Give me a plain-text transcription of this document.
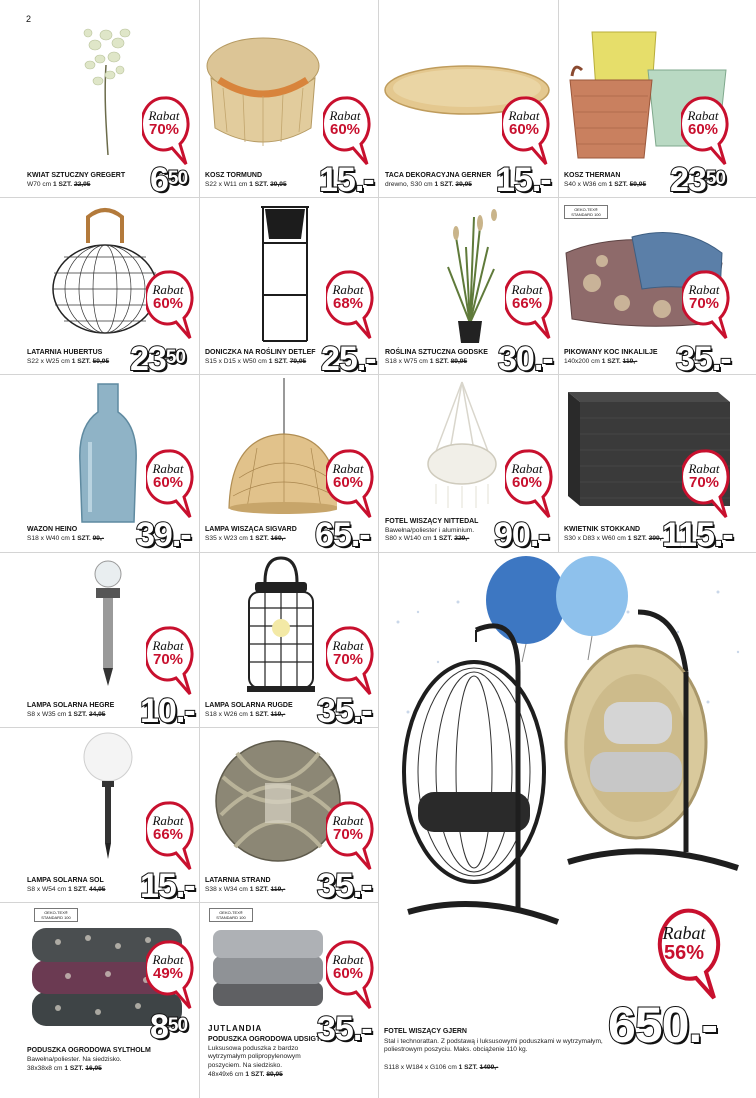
2
KWIAT SZTUCZNY GREGERT
W70 cm 1 SZT. 22,95 $6^{50}$	KOSZ TORMUND
S22 x W11 cm 1 SZT. 39,95 15.- TACA DEKORACYJNA GERNER
drewno, S30 cm 1 SZT. 39,95 15.- KOSZ THERMAN
S40 x W36 cm 1 SZT. 59,95 $23^{50}$
LATARNIA HUBERTUS
S22 x W25 cm 1 SZT. 59,95 $23^{50}$	DONICZKA NA ROŚLINY DETLEF
S15 x D15 x W50 cm 1 SZT. 79,95 25.- ROŚLINA SZTUCZNA GODSKE
S18 x W75 cm 1 SZT. 89,95 30.-
OEKO-TEX® STANDARD 100
PIKOWANY KOC INKALILJE
140x200 cm 1 SZT. 119,- 35.-
WAZON HEINO
S18 x W40 cm 1 SZT. 99,- 39.- LAMPA WISZĄCA SIGVARD
S35 x W23 cm 1 SZT. 169,- 65.- FOTEL WISZĄCY NITTEDAL
Bawełna/poliester i aluminium.
S80 x W140 cm 1 SZT. 229,- 90.- KWIETNIK STOKKAND
S30 x D83 x W60 cm 1 SZT. 399,-
115.-
LAMPA SOLARNA HEGRE
S8 x W35 cm 1 SZT. 34,95 10.- LAMPA SOLARNA RUGDE
S18 x W26 cm 1 SZT. 119,- 35.-
LAMPA SOLARNA SOL
S8 x W54 cm 1 SZT. 44,95 15.- LATARNIA STRAND
S38 x W34 cm 1 SZT. 119,- 35.-
OEKO-TEX® STANDARD 100
PODUSZKA OGRODOWA SYLTHOLM
Bawełna/poliester. Na siedzisko.
38x38x8 cm 1 SZT. 16,95
$8^{50}$
OEKO-TEX® STANDARD 100
JUTLANDIA
PODUSZKA OGRODOWA UDSIGTEN
Luksusowa poduszka z bardzo wytrzymałym polipropylenowym poszyciem. Na siedzisko.
48x49x6 cm 1 SZT. 89,95
35.- FOTEL WISZĄCY GJERN
Stal i technorattan. Z podstawą i luksusowymi poduszkami w wytrzymałym, poliestrowym poszyciu. Maks. obciążenie 110 kg.
S118 x W184 x G106 cm 1 SZT. 1499,-
650.-
Rabat
70%
Rabat
60%
Rabat
60%
Rabat
60%
Rabat
60%
Rabat
68%
Rabat
66%
Rabat
70%
Rabat
60%
Rabat
60%
Rabat
60%
Rabat
70%
Rabat
70%
Rabat
70%
Rabat
66%
Rabat
70%
Rabat
49%
Rabat
60%
Rabat
56%
